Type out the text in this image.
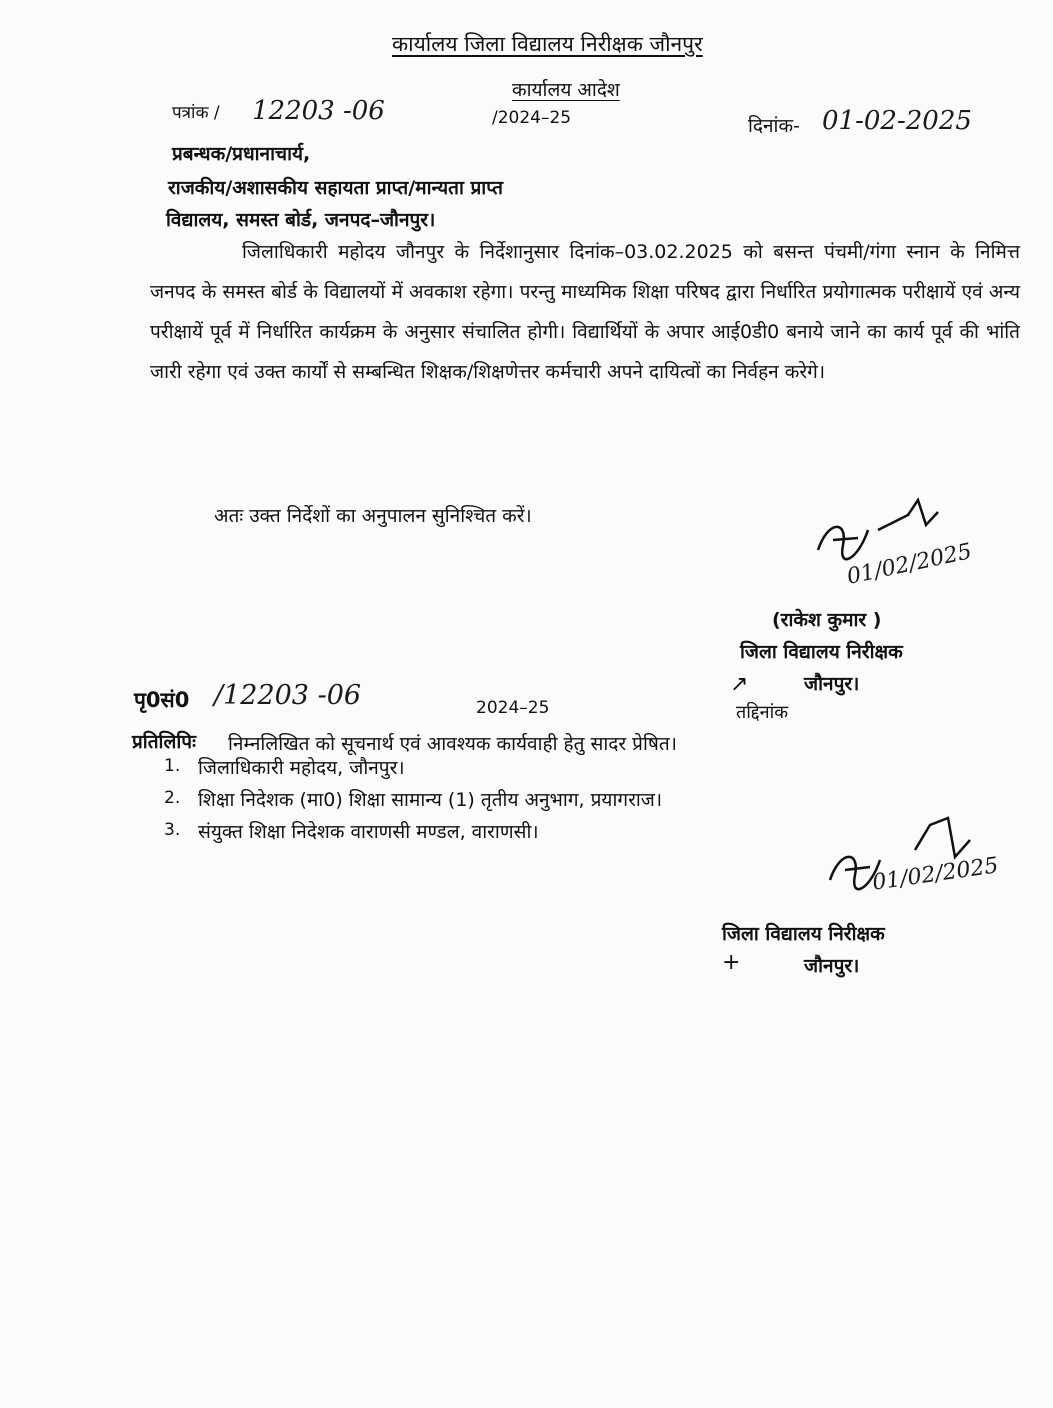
कार्यालय जिला विद्यालय निरीक्षक जौनपुर
कार्यालय आदेश
पत्रांक / 12203 -06	/2024–25	दिनांक- 01-02-2025
प्रबन्धक/प्रधानाचार्य,
राजकीय/अशासकीय सहायता प्राप्त/मान्यता प्राप्त
विद्यालय, समस्त बोर्ड, जनपद–जौनपुर।
जिलाधिकारी महोदय जौनपुर के निर्देशानुसार दिनांक–03.02.2025 को बसन्त पंचमी/गंगा स्नान के निमित्त जनपद के समस्त बोर्ड के विद्यालयों में अवकाश रहेगा। परन्तु माध्यमिक शिक्षा परिषद द्वारा निर्धारित प्रयोगात्मक परीक्षायें एवं अन्य परीक्षायें पूर्व में निर्धारित कार्यक्रम के अनुसार संचालित होगी। विद्यार्थियों के अपार आई0डी0 बनाये जाने का कार्य पूर्व की भांति जारी रहेगा एवं उक्त कार्यों से सम्बन्धित शिक्षक/शिक्षणेत्तर कर्मचारी अपने दायित्वों का निर्वहन करेगे।
अतः उक्त निर्देशों का अनुपालन सुनिश्चित करें।
01/02/2025
(राकेश कुमार )
जिला विद्यालय निरीक्षक
जौनपुर।
↗
पृ0सं0 /12203 -06	2024–25	तद्दिनांक
प्रतिलिपिः निम्नलिखित को सूचनार्थ एवं आवश्यक कार्यवाही हेतु सादर प्रेषित।
1. जिलाधिकारी महोदय, जौनपुर।
2. शिक्षा निदेशक (मा0) शिक्षा सामान्य (1) तृतीय अनुभाग, प्रयागराज।
3. संयुक्त शिक्षा निदेशक वाराणसी मण्डल, वाराणसी।
01/02/2025
जिला विद्यालय निरीक्षक
जौनपुर।
+
